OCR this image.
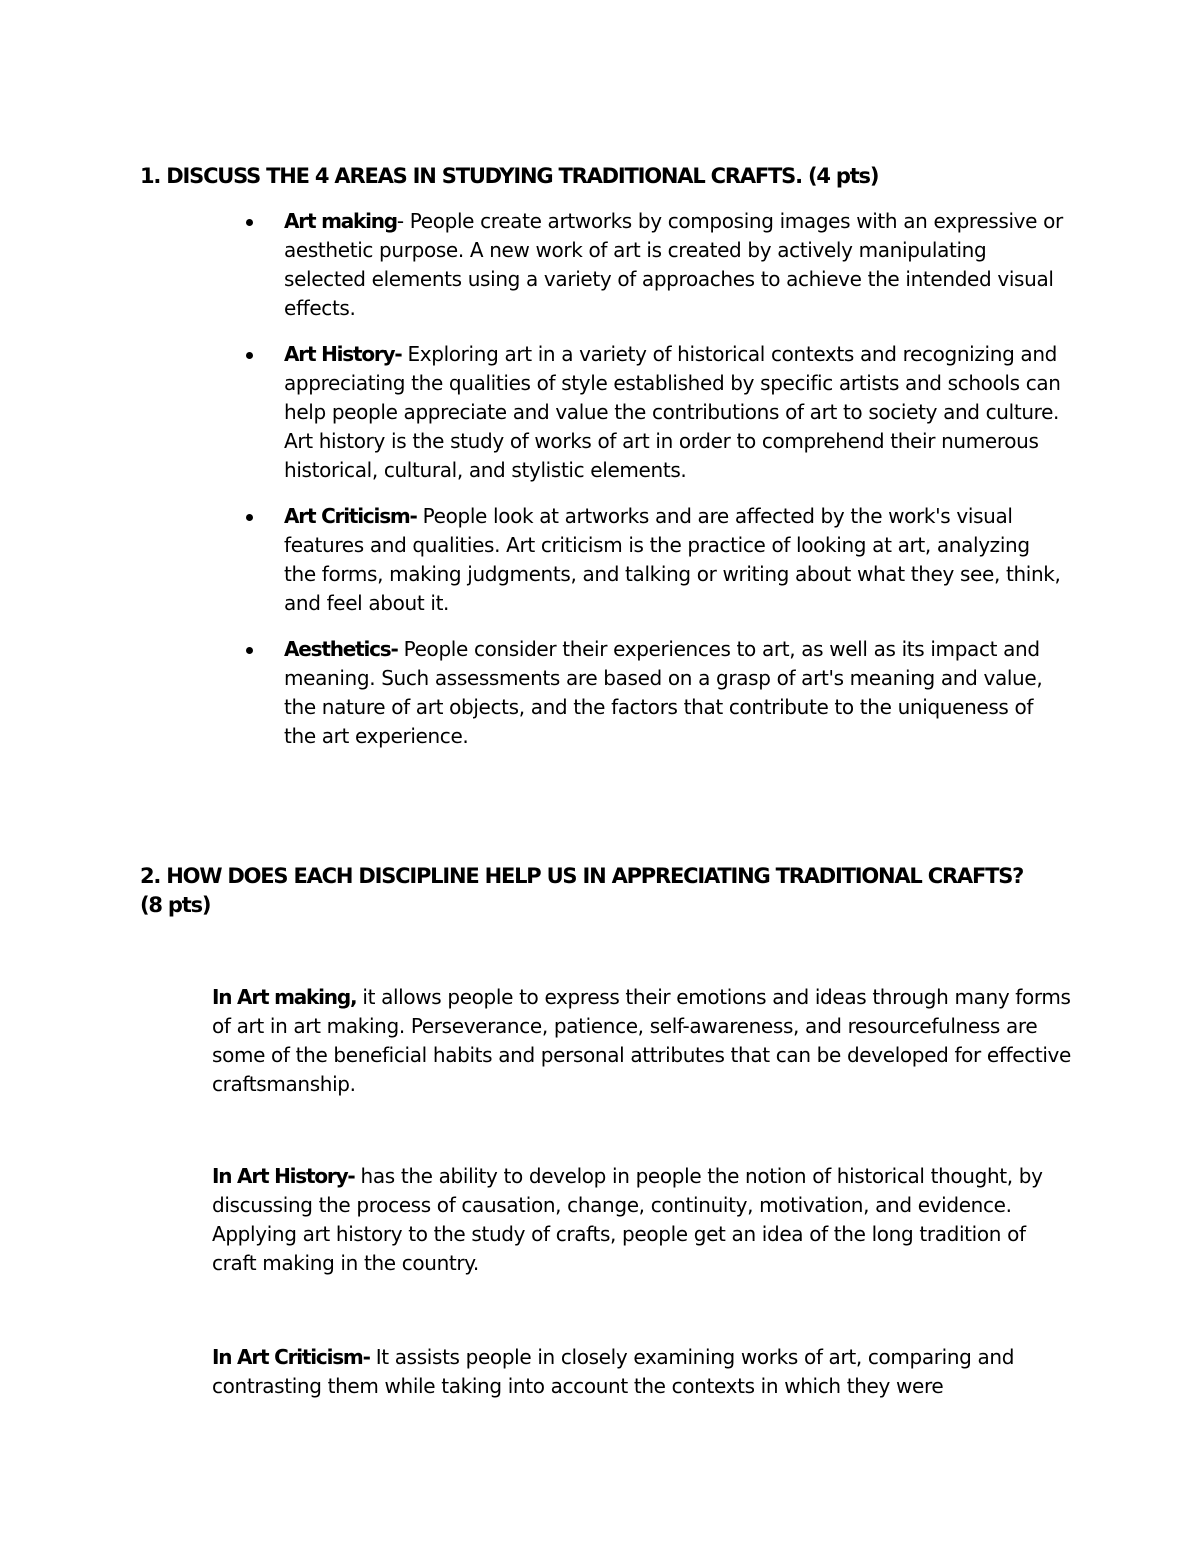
1. DISCUSS THE 4 AREAS IN STUDYING TRADITIONAL CRAFTS. (4 pts)
Art making- People create artworks by composing images with an expressive or aesthetic purpose. A new work of art is created by actively manipulating selected elements using a variety of approaches to achieve the intended visual effects.
Art History- Exploring art in a variety of historical contexts and recognizing and appreciating the qualities of style established by specific artists and schools can help people appreciate and value the contributions of art to society and culture. Art history is the study of works of art in order to comprehend their numerous historical, cultural, and stylistic elements.
Art Criticism- People look at artworks and are affected by the work's visual features and qualities. Art criticism is the practice of looking at art, analyzing the forms, making judgments, and talking or writing about what they see, think, and feel about it.
Aesthetics- People consider their experiences to art, as well as its impact and meaning. Such assessments are based on a grasp of art's meaning and value, the nature of art objects, and the factors that contribute to the uniqueness of the art experience.
2. HOW DOES EACH DISCIPLINE HELP US IN APPRECIATING TRADITIONAL CRAFTS? (8 pts)

In Art making, it allows people to express their emotions and ideas through many forms of art in art making. Perseverance, patience, self-awareness, and resourcefulness are some of the beneficial habits and personal attributes that can be developed for effective craftsmanship.

In Art History- has the ability to develop in people the notion of historical thought, by discussing the process of causation, change, continuity, motivation, and evidence. Applying art history to the study of crafts, people get an idea of the long tradition of craft making in the country.

In Art Criticism- It assists people in closely examining works of art, comparing and contrasting them while taking into account the contexts in which they were
